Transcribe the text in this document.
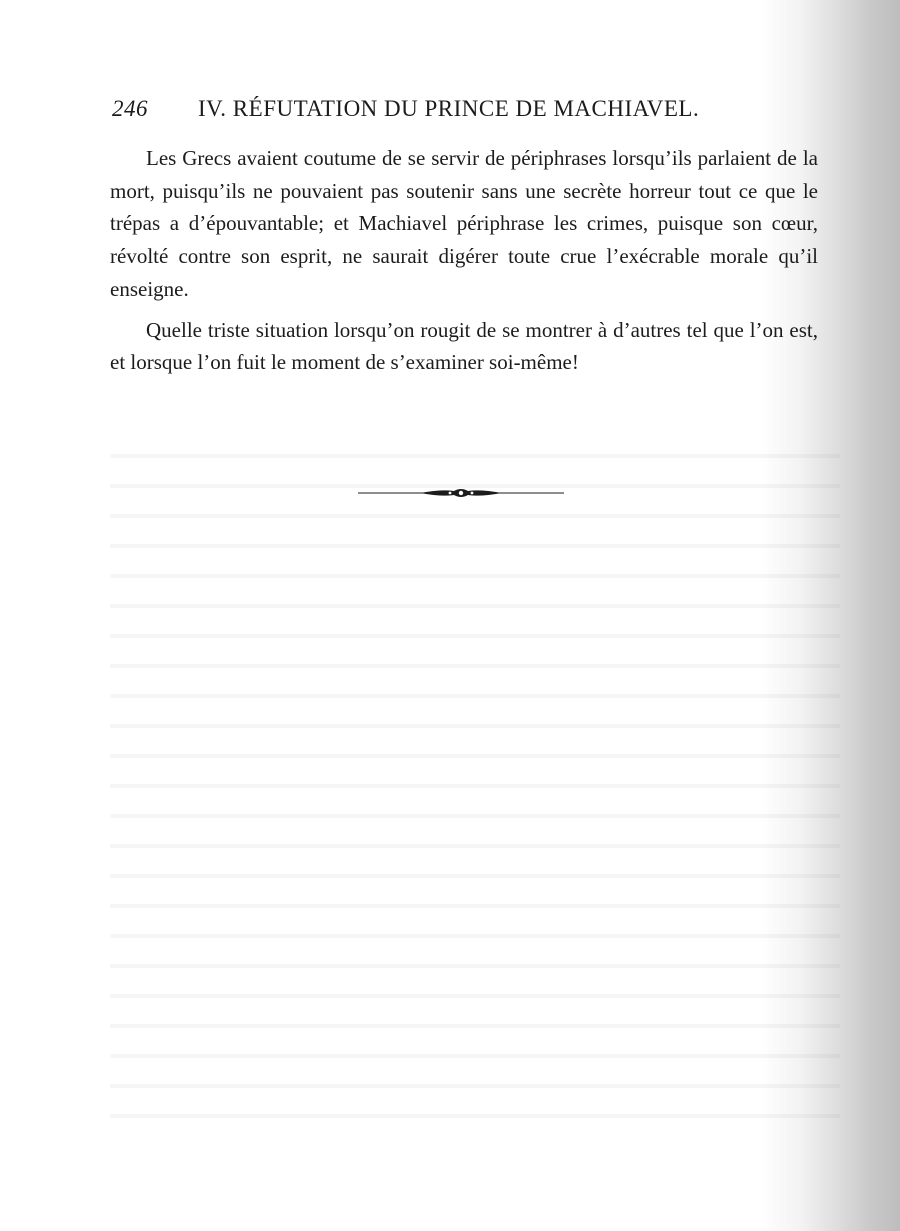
246 IV. RÉFUTATION DU PRINCE DE MACHIAVEL.

Les Grecs avaient coutume de se servir de périphrases lorsqu’ils parlaient de la mort, puisqu’ils ne pouvaient pas soutenir sans une secrète horreur tout ce que le trépas a d’épouvantable; et Machiavel périphrase les crimes, puisque son cœur, révolté contre son esprit, ne saurait digérer toute crue l’exécrable morale qu’il enseigne.

Quelle triste situation lorsqu’on rougit de se montrer à d’autres tel que l’on est, et lorsque l’on fuit le moment de s’examiner soi-même!
